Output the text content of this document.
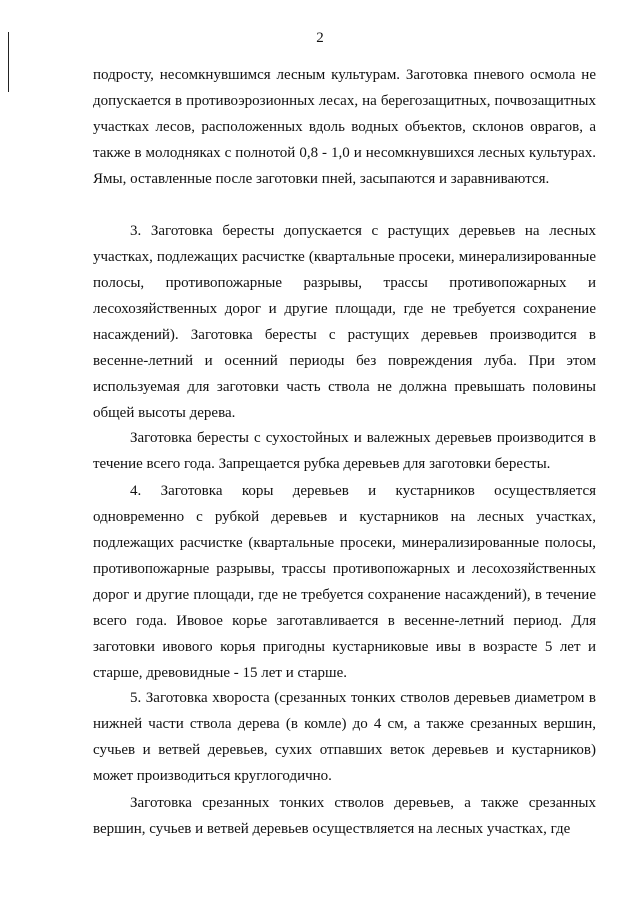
2

подросту, несомкнувшимся лесным культурам. Заготовка пневого осмола не допускается в противоэрозионных лесах, на берегозащитных, почвозащитных участках лесов, расположенных вдоль водных объектов, склонов оврагов, а также в молодняках с полнотой 0,8 - 1,0 и несомкнувшихся лесных культурах. Ямы, оставленные после заготовки пней, засыпаются и заравниваются.

3. Заготовка бересты допускается с растущих деревьев на лесных участках, подлежащих расчистке (квартальные просеки, минерализированные полосы, противопожарные разрывы, трассы противопожарных и лесохозяйственных дорог и другие площади, где не требуется сохранение насаждений). Заготовка бересты с растущих деревьев производится в весенне-летний и осенний периоды без повреждения луба. При этом используемая для заготовки часть ствола не должна превышать половины общей высоты дерева.

Заготовка бересты с сухостойных и валежных деревьев производится в течение всего года. Запрещается рубка деревьев для заготовки бересты.

4. Заготовка коры деревьев и кустарников осуществляется одновременно с рубкой деревьев и кустарников на лесных участках, подлежащих расчистке (квартальные просеки, минерализированные полосы, противопожарные разрывы, трассы противопожарных и лесохозяйственных дорог и другие площади, где не требуется сохранение насаждений), в течение всего года. Ивовое корье заготавливается в весенне-летний период. Для заготовки ивового корья пригодны кустарниковые ивы в возрасте 5 лет и старше, древовидные - 15 лет и старше.

5. Заготовка хвороста (срезанных тонких стволов деревьев диаметром в нижней части ствола дерева (в комле) до 4 см, а также срезанных вершин, сучьев и ветвей деревьев, сухих отпавших веток деревьев и кустарников) может производиться круглогодично.

Заготовка срезанных тонких стволов деревьев, а также срезанных вершин, сучьев и ветвей деревьев осуществляется на лесных участках, где
